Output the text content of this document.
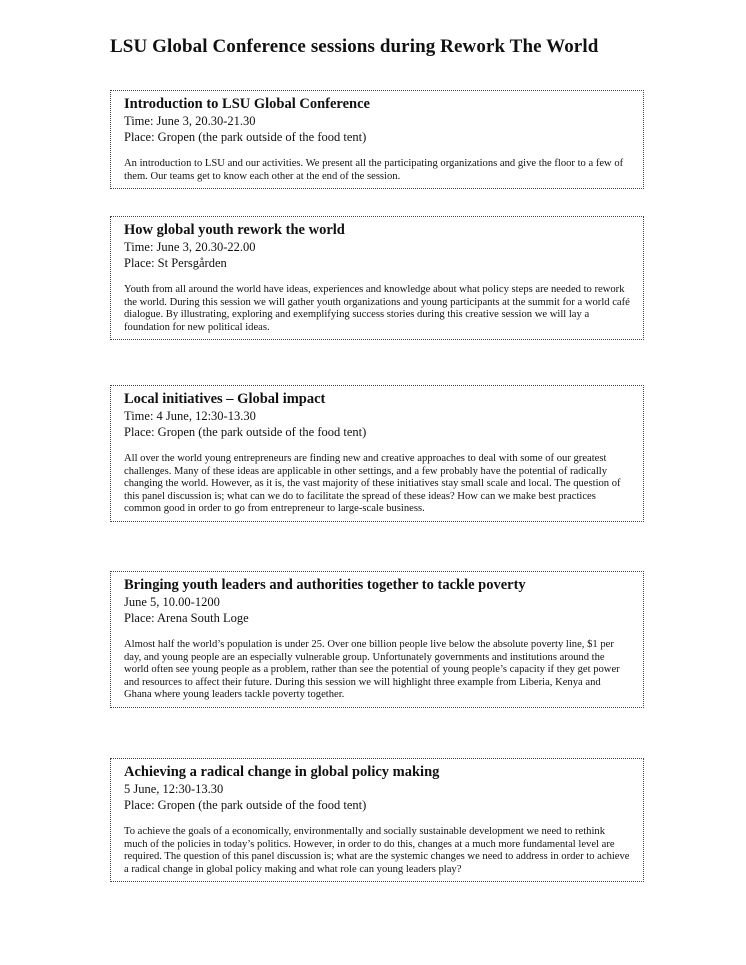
LSU Global Conference sessions during Rework The World

Introduction to LSU Global Conference

Time: June 3, 20.30-21.30

Place: Gropen (the park outside of the food tent)

An introduction to LSU and our activities. We present all the participating organizations and give the floor to a few of them. Our teams get to know each other at the end of the session.

How global youth rework the world

Time: June 3, 20.30-22.00

Place: St Persgården

Youth from all around the world have ideas, experiences and knowledge about what policy steps are needed to rework the world. During this session we will gather youth organizations and young participants at the summit for a world café dialogue. By illustrating, exploring and exemplifying success stories during this creative session we will lay a foundation for new political ideas.

Local initiatives – Global impact

Time: 4 June, 12:30-13.30

Place: Gropen (the park outside of the food tent)

All over the world young entrepreneurs are finding new and creative approaches to deal with some of our greatest challenges. Many of these ideas are applicable in other settings, and a few probably have the potential of radically changing the world. However, as it is, the vast majority of these initiatives stay small scale and local. The question of this panel discussion is; what can we do to facilitate the spread of these ideas? How can we make best practices common good in order to go from entrepreneur to large-scale business.

Bringing youth leaders and authorities together to tackle poverty

June 5, 10.00-1200

Place: Arena South Loge

Almost half the world’s population is under 25. Over one billion people live below the absolute poverty line, $1 per day, and young people are an especially vulnerable group. Unfortunately governments and institutions around the world often see young people as a problem, rather than see the potential of young people’s capacity if they get power and resources to affect their future. During this session we will highlight three example from Liberia, Kenya and Ghana where young leaders tackle poverty together.

Achieving a radical change in global policy making

5 June, 12:30-13.30

Place: Gropen (the park outside of the food tent)

To achieve the goals of a economically, environmentally and socially sustainable development we need to rethink much of the policies in today’s politics. However, in order to do this, changes at a much more fundamental level are required. The question of this panel discussion is; what are the systemic changes we need to address in order to achieve a radical change in global policy making and what role can young leaders play?
